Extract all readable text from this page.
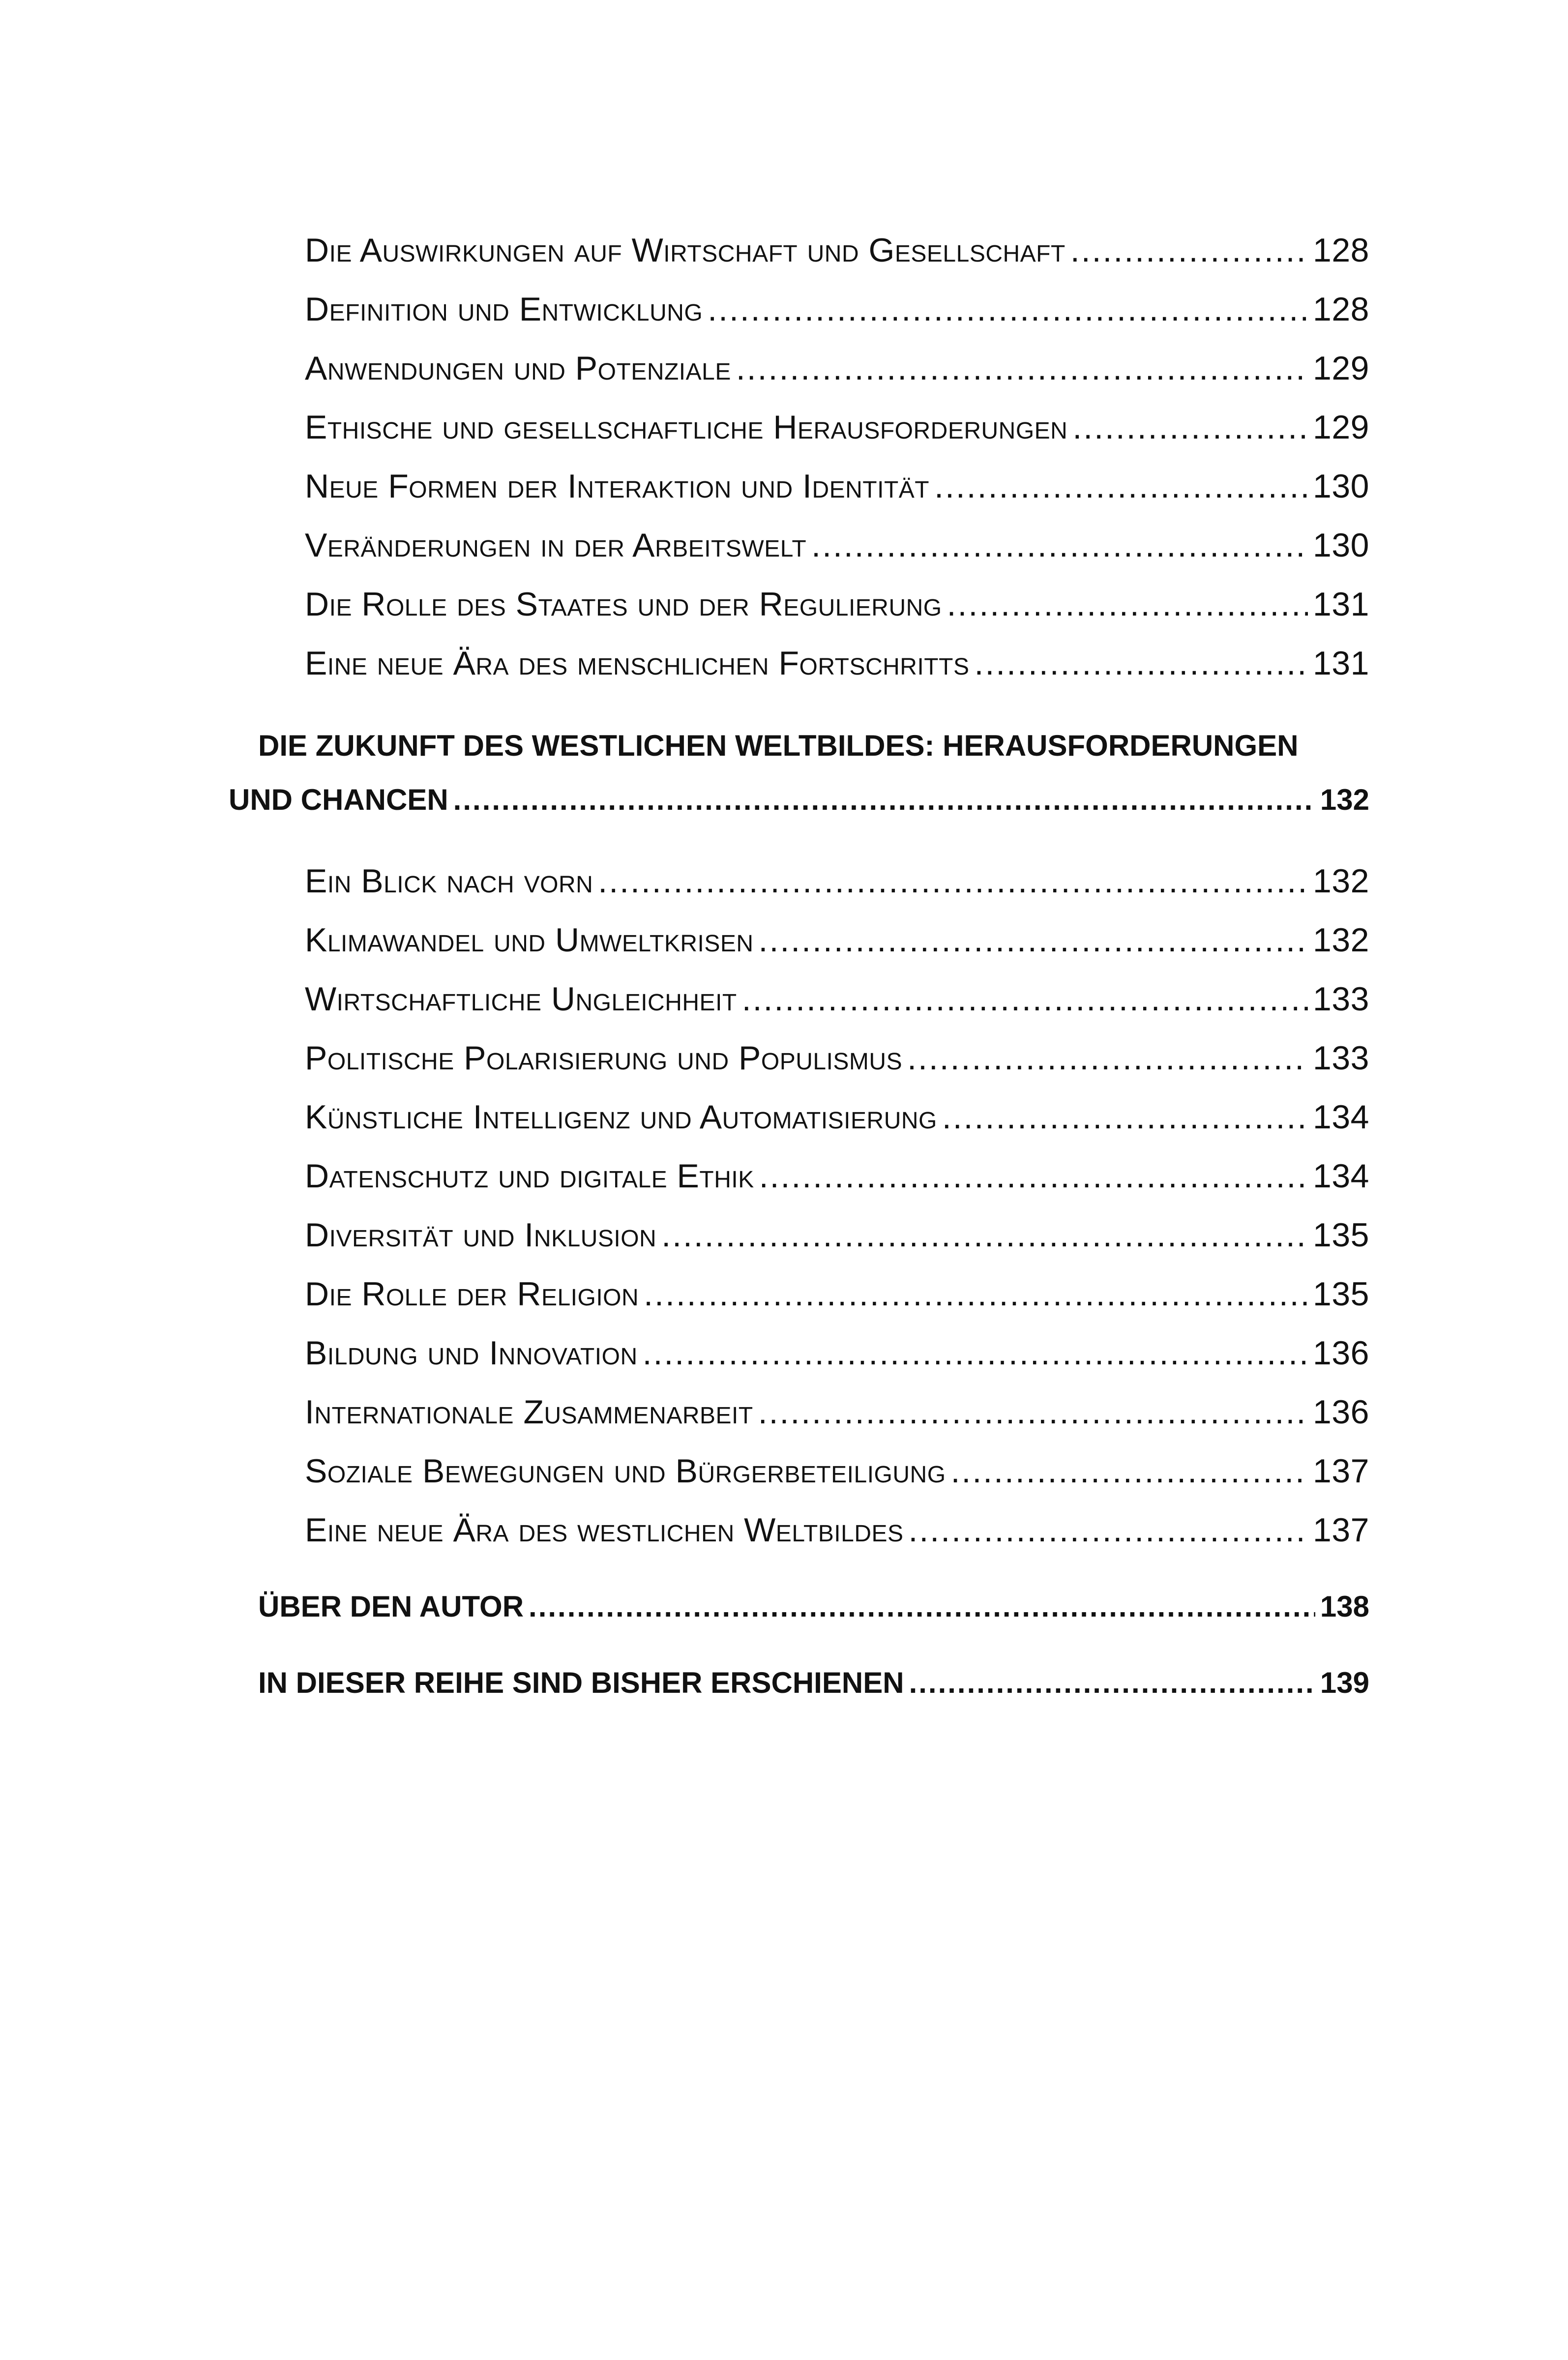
Die Auswirkungen auf Wirtschaft und Gesellschaft .....	128
Definition und Entwicklung .....	128
Anwendungen und Potenziale .....	129
Ethische und gesellschaftliche Herausforderungen .....	129
Neue Formen der Interaktion und Identität .....	130
Veränderungen in der Arbeitswelt .....	130
Die Rolle des Staates und der Regulierung .....	131
Eine neue Ära des menschlichen Fortschritts .....	131
DIE ZUKUNFT DES WESTLICHEN WELTBILDES: HERAUSFORDERUNGEN
UND CHANCEN .....	132
Ein Blick nach vorn .....	132
Klimawandel und Umweltkrisen .....	132
Wirtschaftliche Ungleichheit .....	133
Politische Polarisierung und Populismus .....	133
Künstliche Intelligenz und Automatisierung .....	134
Datenschutz und digitale Ethik .....	134
Diversität und Inklusion .....	135
Die Rolle der Religion .....	135
Bildung und Innovation .....	136
Internationale Zusammenarbeit .....	136
Soziale Bewegungen und Bürgerbeteiligung .....	137
Eine neue Ära des westlichen Weltbildes .....	137
ÜBER DEN AUTOR .....	138
IN DIESER REIHE SIND BISHER ERSCHIENEN .....	139
